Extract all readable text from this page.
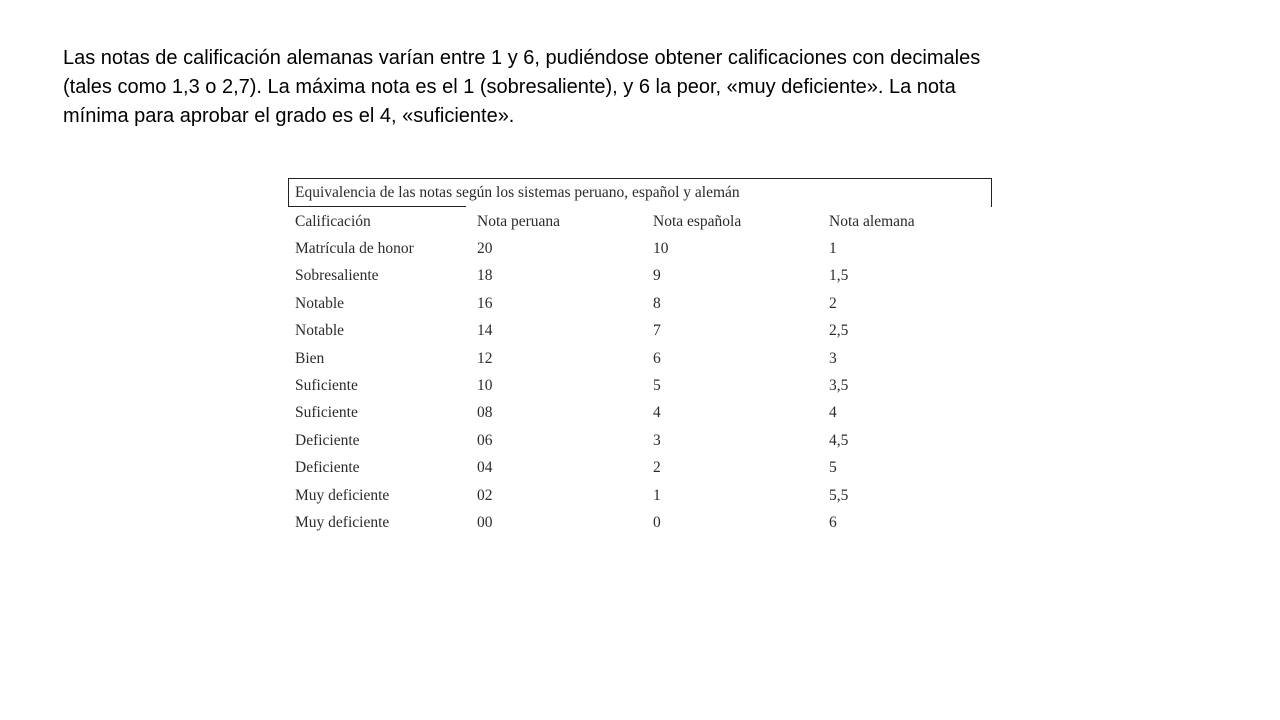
Las notas de calificación alemanas varían entre 1 y 6, pudiéndose obtener calificaciones con decimales (tales como 1,3 o 2,7). La máxima nota es el 1 (sobresaliente), y 6 la peor, «muy deficiente». La nota mínima para aprobar el grado es el 4, «suficiente».

Equivalencia de las notas según los sistemas peruano, español y alemán
Calificación	Nota peruana	Nota española	Nota alemana
Matrícula de honor	20	10	1
Sobresaliente	18	9	1,5
Notable	16	8	2
Notable	14	7	2,5
Bien	12	6	3
Suficiente	10	5	3,5
Suficiente	08	4	4
Deficiente	06	3	4,5
Deficiente	04	2	5
Muy deficiente	02	1	5,5
Muy deficiente	00	0	6
